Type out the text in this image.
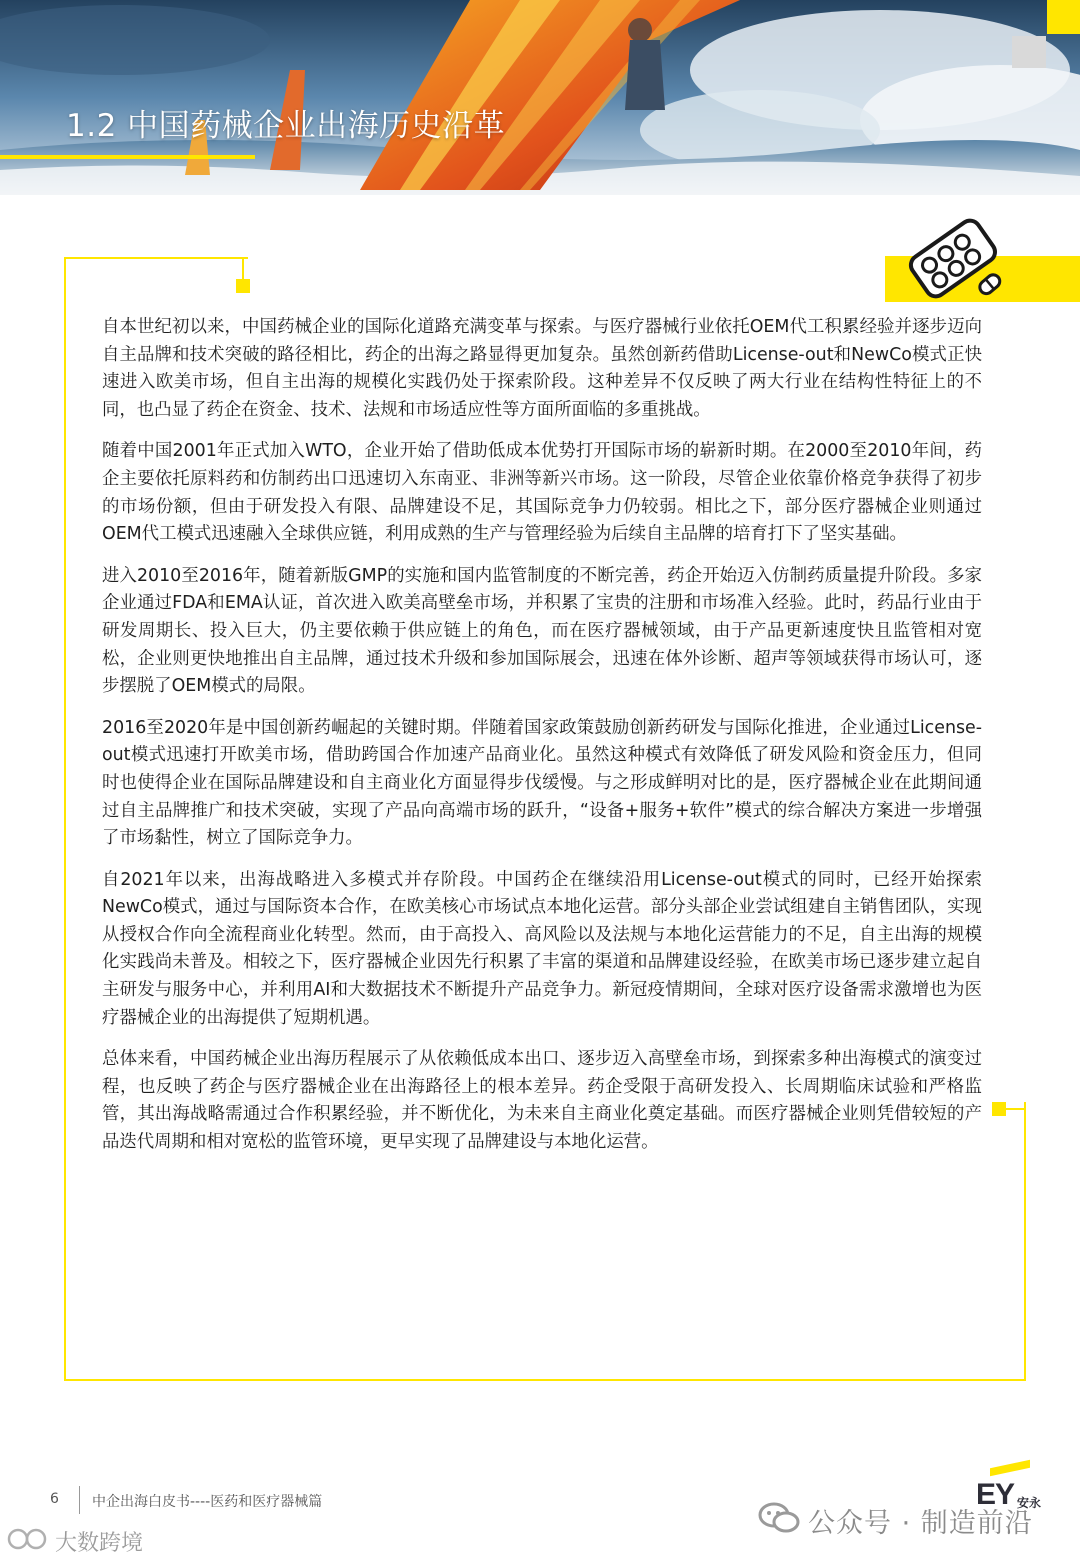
1.2 中国药械企业出海历史沿革

自本世纪初以来，中国药械企业的国际化道路充满变革与探索。与医疗器械行业依托OEM代工积累经验并逐步迈向自主品牌和技术突破的路径相比，药企的出海之路显得更加复杂。虽然创新药借助License-out和NewCo模式正快速进入欧美市场，但自主出海的规模化实践仍处于探索阶段。这种差异不仅反映了两大行业在结构性特征上的不同，也凸显了药企在资金、技术、法规和市场适应性等方面所面临的多重挑战。

随着中国2001年正式加入WTO，企业开始了借助低成本优势打开国际市场的崭新时期。在2000至2010年间，药企主要依托原料药和仿制药出口迅速切入东南亚、非洲等新兴市场。这一阶段，尽管企业依靠价格竞争获得了初步的市场份额，但由于研发投入有限、品牌建设不足，其国际竞争力仍较弱。相比之下，部分医疗器械企业则通过OEM代工模式迅速融入全球供应链，利用成熟的生产与管理经验为后续自主品牌的培育打下了坚实基础。

进入2010至2016年，随着新版GMP的实施和国内监管制度的不断完善，药企开始迈入仿制药质量提升阶段。多家企业通过FDA和EMA认证，首次进入欧美高壁垒市场，并积累了宝贵的注册和市场准入经验。此时，药品行业由于研发周期长、投入巨大，仍主要依赖于供应链上的角色，而在医疗器械领域，由于产品更新速度快且监管相对宽松，企业则更快地推出自主品牌，通过技术升级和参加国际展会，迅速在体外诊断、超声等领域获得市场认可，逐步摆脱了OEM模式的局限。

2016至2020年是中国创新药崛起的关键时期。伴随着国家政策鼓励创新药研发与国际化推进，企业通过License-out模式迅速打开欧美市场，借助跨国合作加速产品商业化。虽然这种模式有效降低了研发风险和资金压力，但同时也使得企业在国际品牌建设和自主商业化方面显得步伐缓慢。与之形成鲜明对比的是，医疗器械企业在此期间通过自主品牌推广和技术突破，实现了产品向高端市场的跃升，“设备+服务+软件”模式的综合解决方案进一步增强了市场黏性，树立了国际竞争力。

自2021年以来，出海战略进入多模式并存阶段。中国药企在继续沿用License-out模式的同时，已经开始探索NewCo模式，通过与国际资本合作，在欧美核心市场试点本地化运营。部分头部企业尝试组建自主销售团队，实现从授权合作向全流程商业化转型。然而，由于高投入、高风险以及法规与本地化运营能力的不足，自主出海的规模化实践尚未普及。相较之下，医疗器械企业因先行积累了丰富的渠道和品牌建设经验，在欧美市场已逐步建立起自主研发与服务中心，并利用AI和大数据技术不断提升产品竞争力。新冠疫情期间，全球对医疗设备需求激增也为医疗器械企业的出海提供了短期机遇。

总体来看，中国药械企业出海历程展示了从依赖低成本出口、逐步迈入高壁垒市场，到探索多种出海模式的演变过程，也反映了药企与医疗器械企业在出海路径上的根本差异。药企受限于高研发投入、长周期临床试验和严格监管，其出海战略需通过合作积累经验，并不断优化，为未来自主商业化奠定基础。而医疗器械企业则凭借较短的产品迭代周期和相对宽松的监管环境，更早实现了品牌建设与本地化运营。

6 中企出海白皮书----医药和医疗器械篇	EY 安永
公众号 · 制造前沿
大数跨境
